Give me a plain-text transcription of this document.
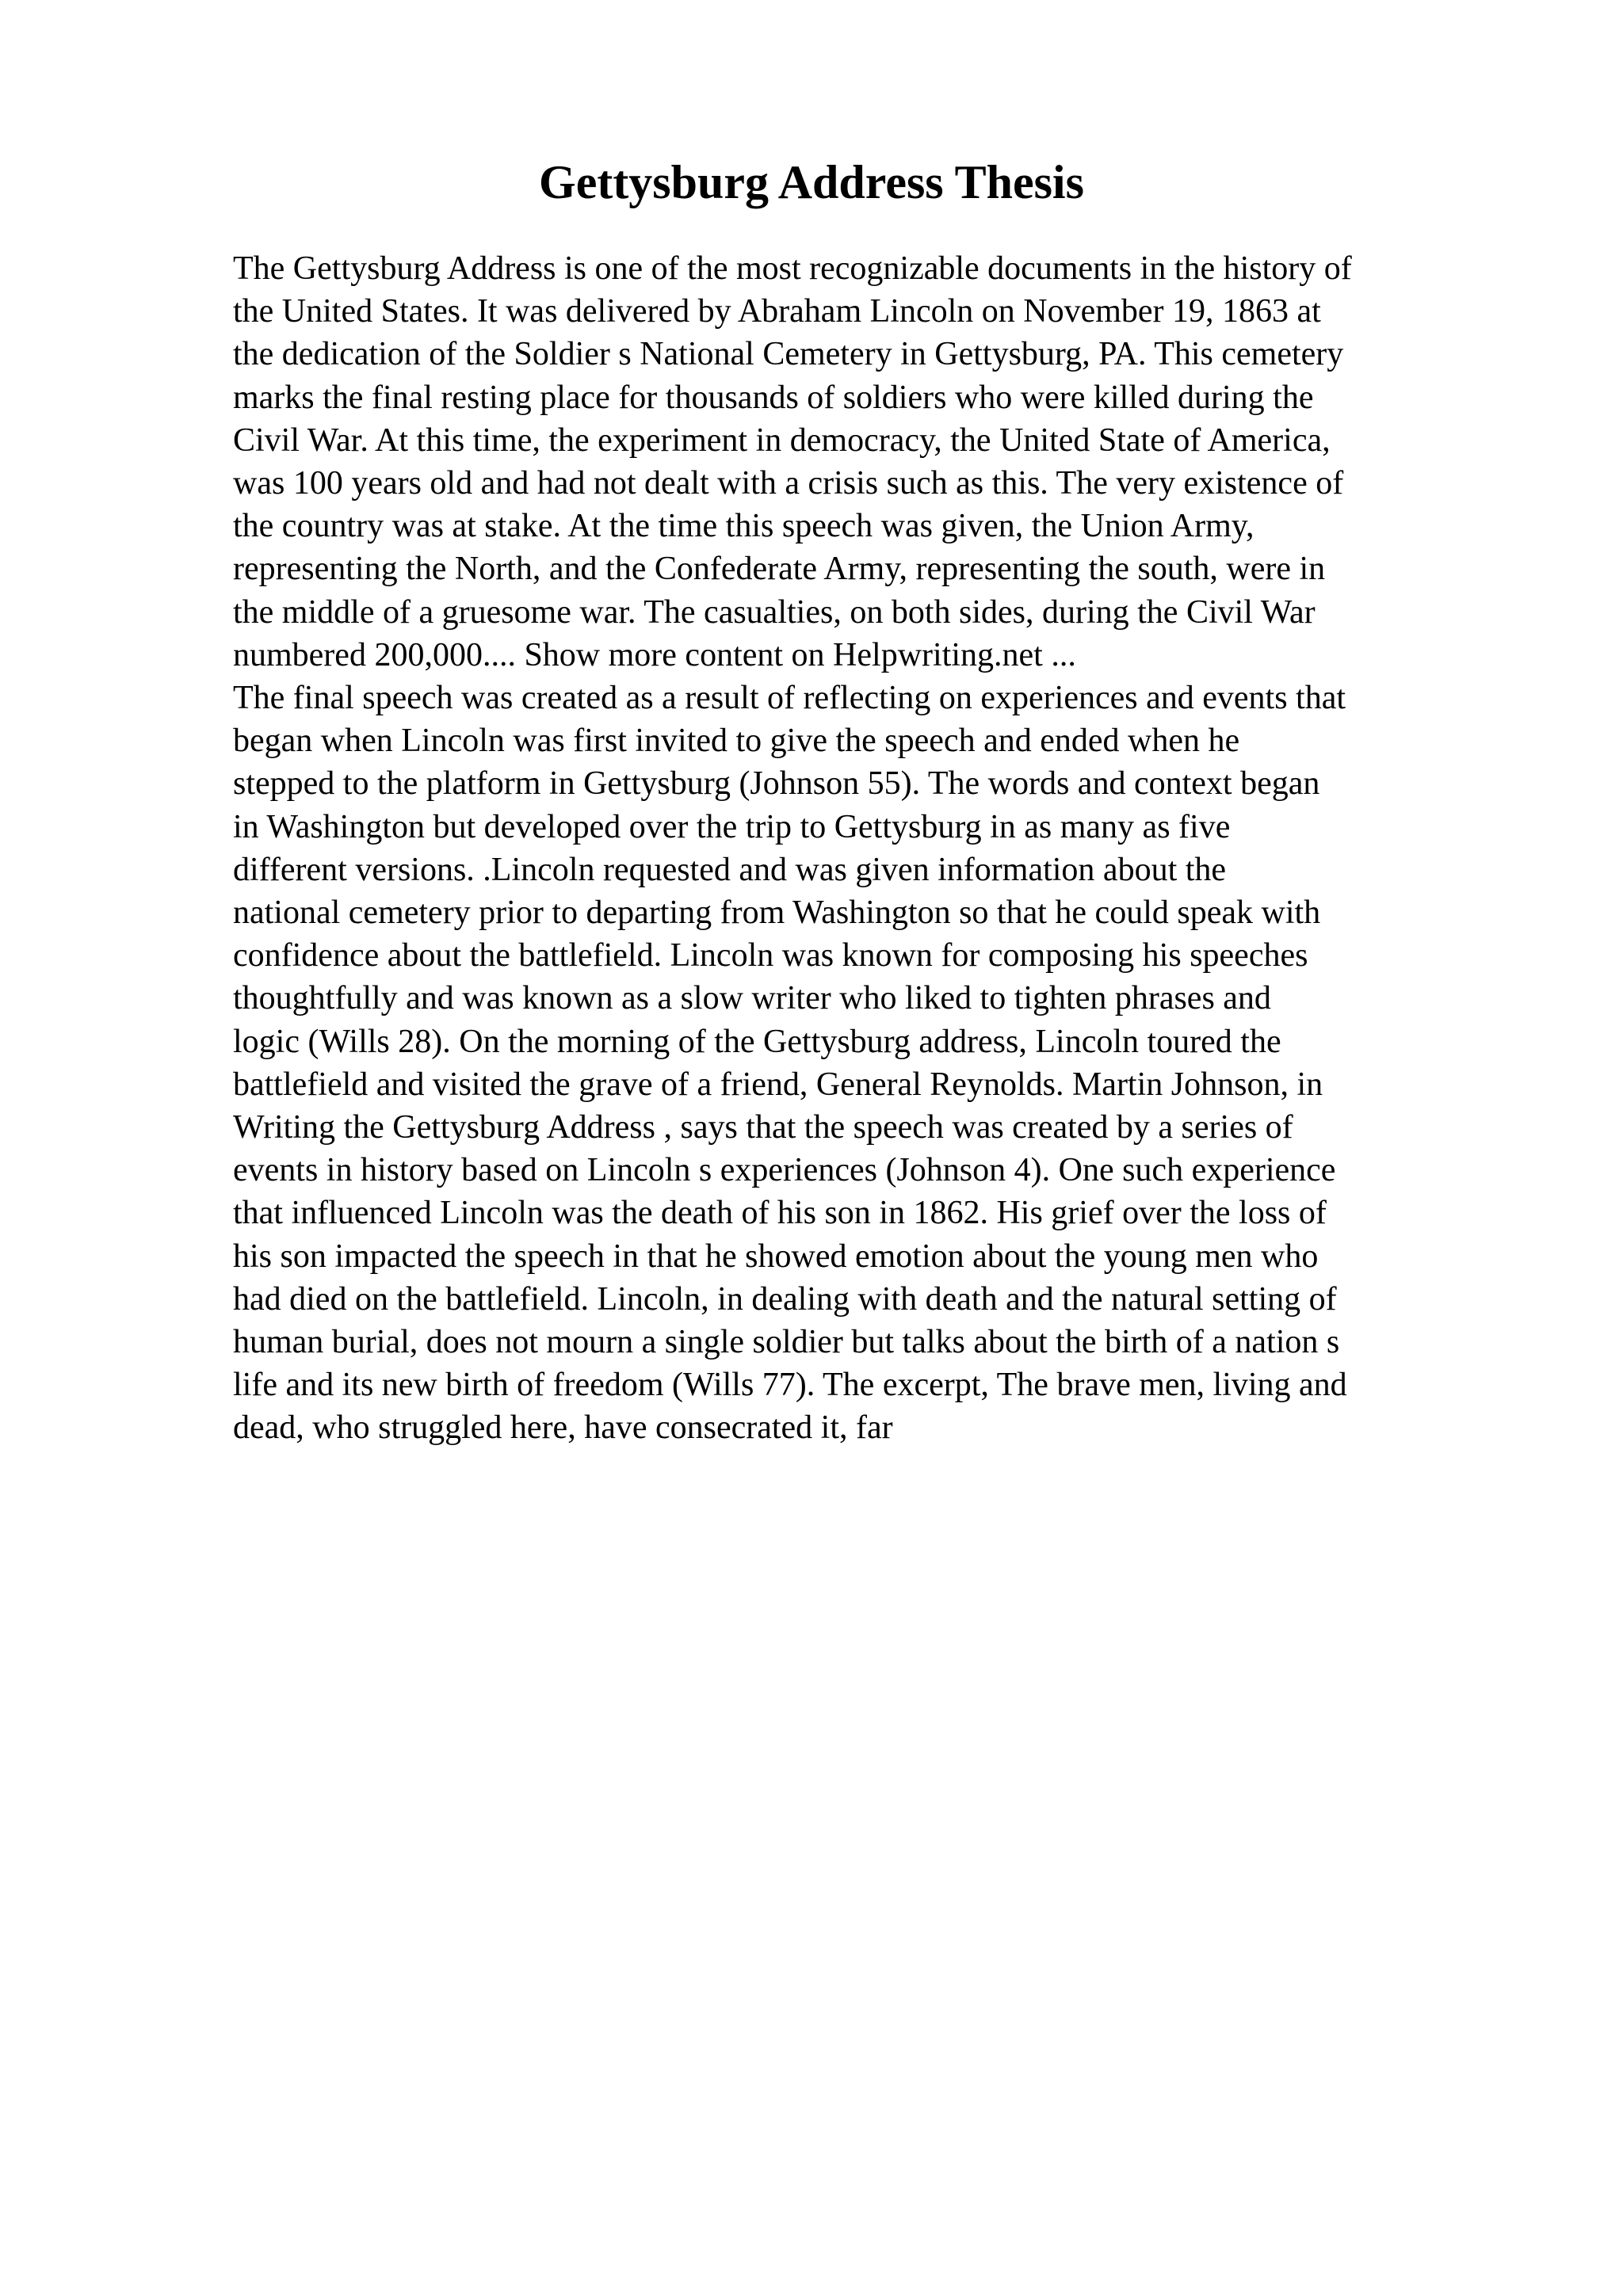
Gettysburg Address Thesis
The Gettysburg Address is one of the most recognizable documents in the history of
the United States. It was delivered by Abraham Lincoln on November 19, 1863 at
the dedication of the Soldier s National Cemetery in Gettysburg, PA. This cemetery
marks the final resting place for thousands of soldiers who were killed during the
Civil War. At this time, the experiment in democracy, the United State of America,
was 100 years old and had not dealt with a crisis such as this. The very existence of
the country was at stake. At the time this speech was given, the Union Army,
representing the North, and the Confederate Army, representing the south, were in
the middle of a gruesome war. The casualties, on both sides, during the Civil War
numbered 200,000.... Show more content on Helpwriting.net ...
The final speech was created as a result of reflecting on experiences and events that
began when Lincoln was first invited to give the speech and ended when he
stepped to the platform in Gettysburg (Johnson 55). The words and context began
in Washington but developed over the trip to Gettysburg in as many as five
different versions. .Lincoln requested and was given information about the
national cemetery prior to departing from Washington so that he could speak with
confidence about the battlefield. Lincoln was known for composing his speeches
thoughtfully and was known as a slow writer who liked to tighten phrases and
logic (Wills 28). On the morning of the Gettysburg address, Lincoln toured the
battlefield and visited the grave of a friend, General Reynolds. Martin Johnson, in
Writing the Gettysburg Address , says that the speech was created by a series of
events in history based on Lincoln s experiences (Johnson 4). One such experience
that influenced Lincoln was the death of his son in 1862. His grief over the loss of
his son impacted the speech in that he showed emotion about the young men who
had died on the battlefield. Lincoln, in dealing with death and the natural setting of
human burial, does not mourn a single soldier but talks about the birth of a nation s
life and its new birth of freedom (Wills 77). The excerpt, The brave men, living and
dead, who struggled here, have consecrated it, far
